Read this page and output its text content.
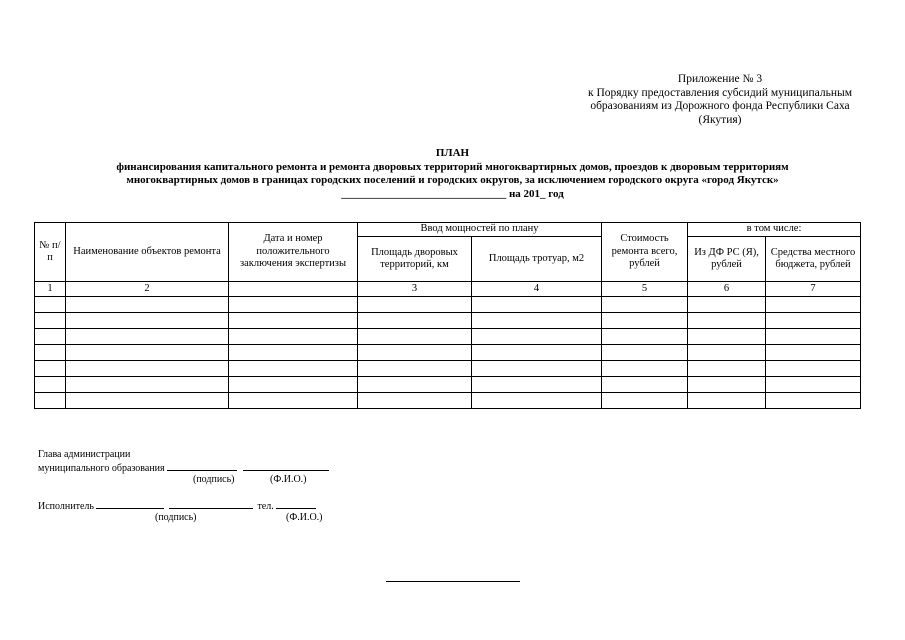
Приложение № 3
к Порядку предоставления субсидий муниципальным
образованиям из Дорожного фонда Республики Саха
(Якутия)
ПЛАН
финансирования капитального ремонта и ремонта дворовых территорий многоквартирных домов, проездов к дворовым территориям
многоквартирных домов в границах городских поселений и городских округов, за исключением городского округа «город Якутск»
______________________________ на 201_ год
№ п/п	Наименование объектов ремонта	Дата и номер положительного заключения экспертизы	Ввод мощностей по плану		Стоимость ремонта всего, рублей	в том числе:	
			Площадь дворовых территорий, км	Площадь тротуар, м2		Из ДФ РС (Я), рублей	Средства местного бюджета, рублей
1	2		3	4	5	6	7

Глава администрации
муниципального образования
(подпись)	(Ф.И.О.)
Исполнитель	тел.
(подпись)	(Ф.И.О.)
